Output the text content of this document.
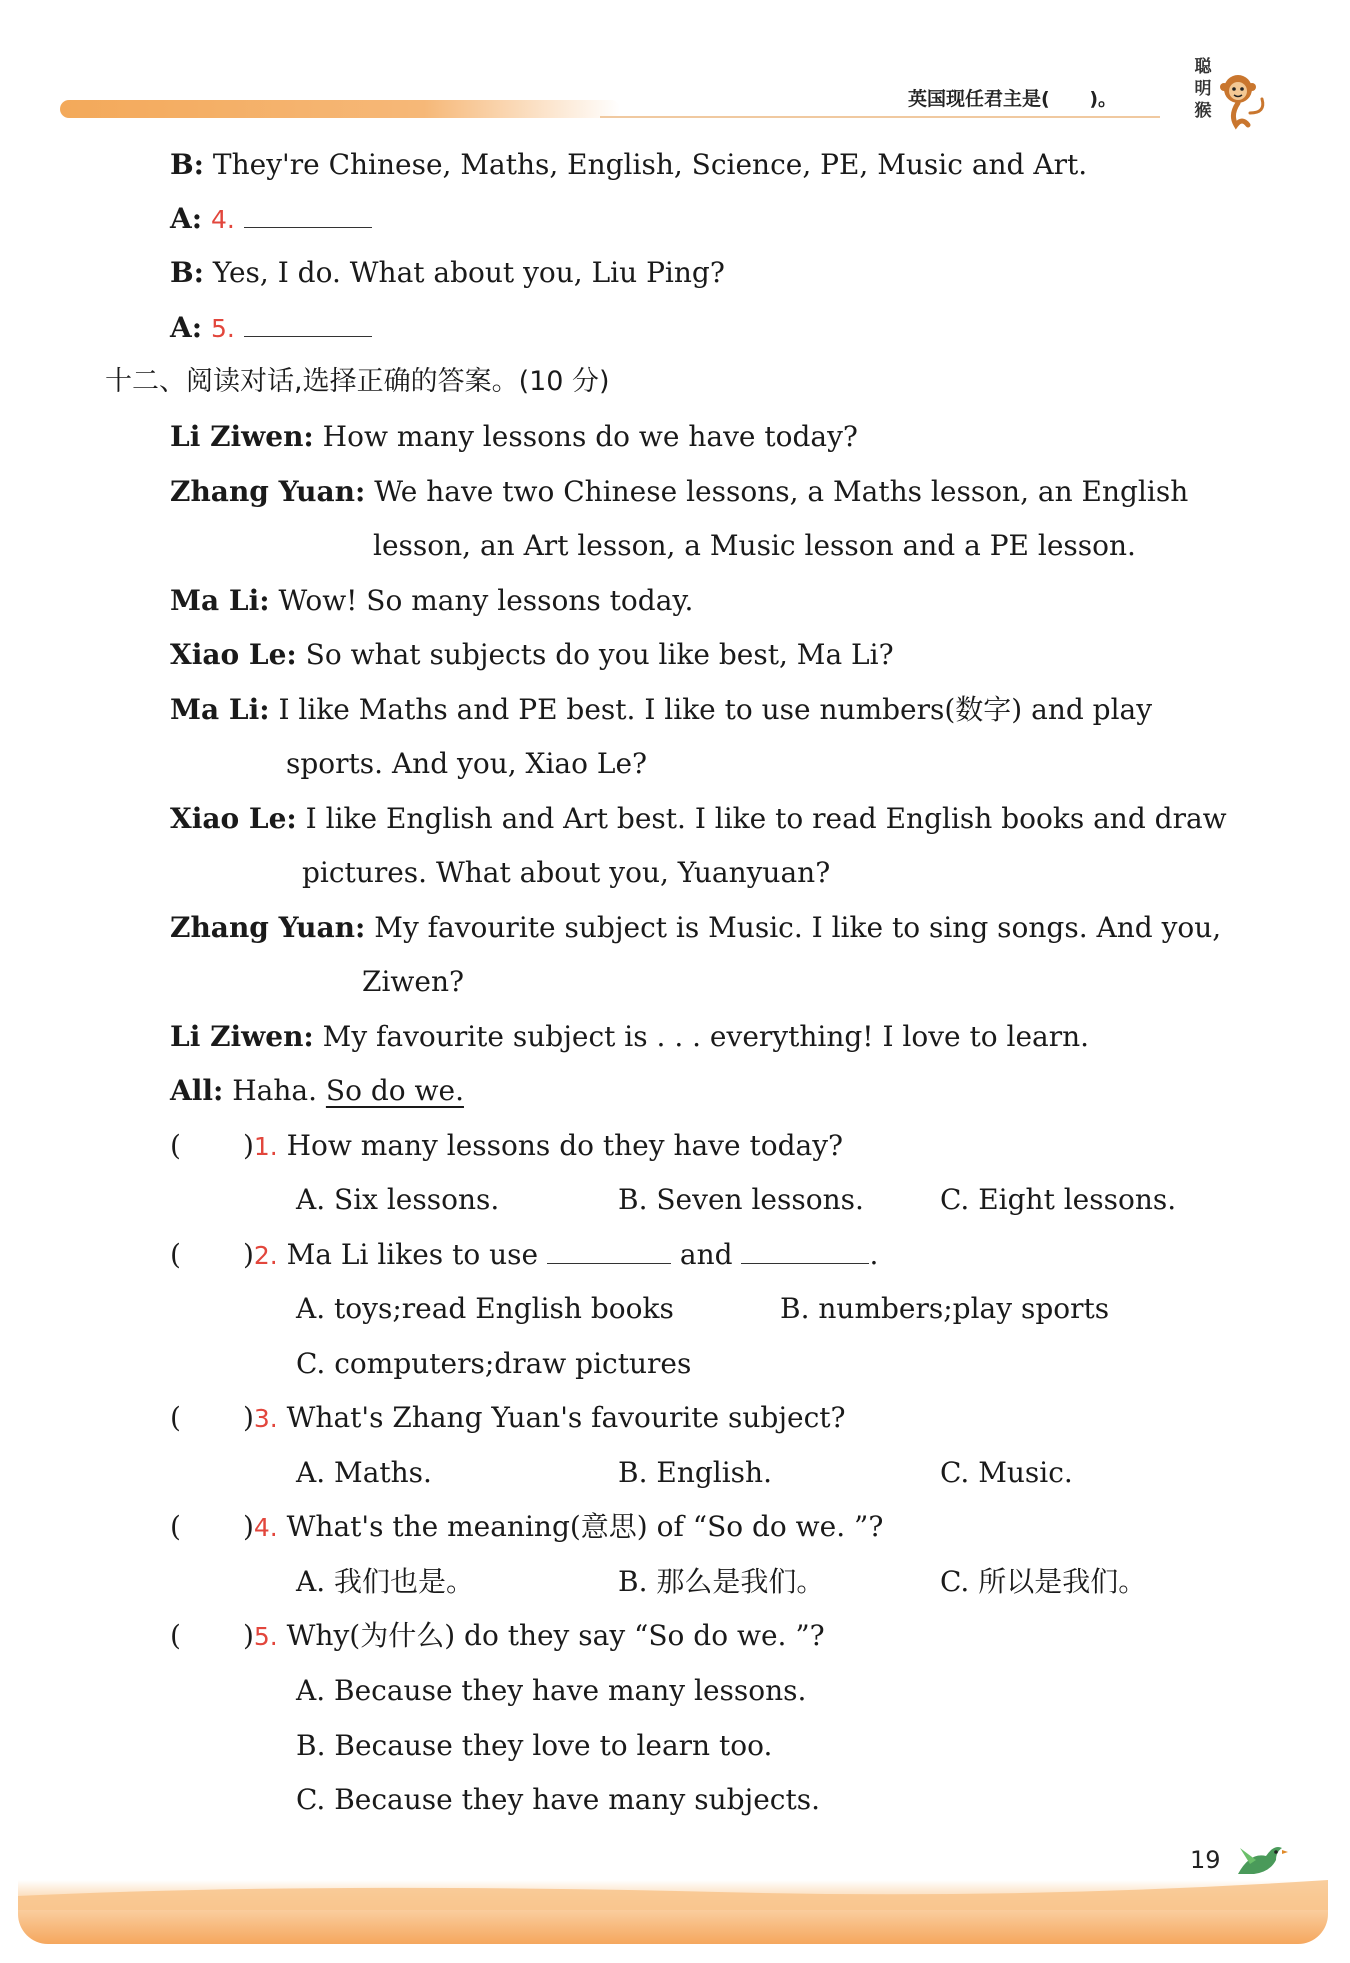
英国现任君主是(      )。
聪明猴
B: They're Chinese, Maths, English, Science, PE, Music and Art.
A: 4.
B: Yes, I do. What about you, Liu Ping?
A: 5.
十二、阅读对话,选择正确的答案。(10 分)
Li Ziwen: How many lessons do we have today?
Zhang Yuan: We have two Chinese lessons, a Maths lesson, an English
lesson, an Art lesson, a Music lesson and a PE lesson.
Ma Li: Wow! So many lessons today.
Xiao Le: So what subjects do you like best, Ma Li?
Ma Li: I like Maths and PE best. I like to use numbers(数字) and play
sports. And you, Xiao Le?
Xiao Le: I like English and Art best. I like to read English books and draw
pictures. What about you, Yuanyuan?
Zhang Yuan: My favourite subject is Music. I like to sing songs. And you,
Ziwen?
Li Ziwen: My favourite subject is . . . everything! I love to learn.
All: Haha. So do we.
( )1. How many lessons do they have today?
A. Six lessons.	B. Seven lessons.	C. Eight lessons.
( )2. Ma Li likes to use	and	.
A. toys;read English books	B. numbers;play sports
C. computers;draw pictures
( )3. What's Zhang Yuan's favourite subject?
A. Maths.	B. English.	C. Music.
( )4. What's the meaning(意思) of “So do we. ”?
A. 我们也是。	B. 那么是我们。	C. 所以是我们。
( )5. Why(为什么) do they say “So do we. ”?
A. Because they have many lessons.
B. Because they love to learn too.
C. Because they have many subjects.
19
